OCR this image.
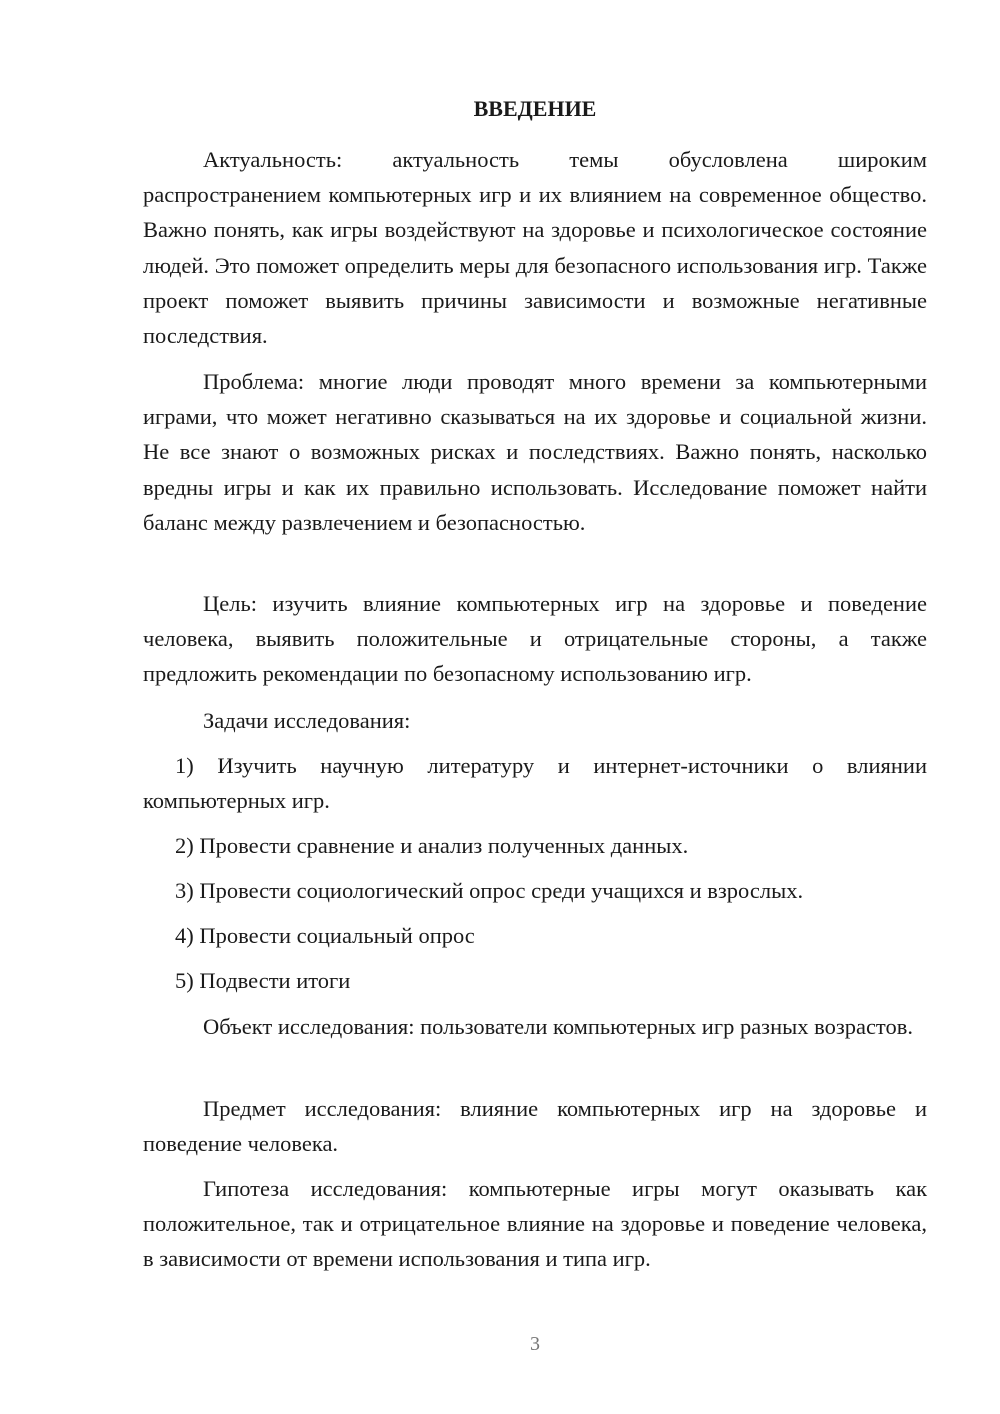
ВВЕДЕНИЕ

Актуальность: актуальность темы обусловлена широким распространением компьютерных игр и их влиянием на современное общество. Важно понять, как игры воздействуют на здоровье и психологическое состояние людей. Это поможет определить меры для безопасного использования игр. Также проект поможет выявить причины зависимости и возможные негативные последствия.

Проблема: многие люди проводят много времени за компьютерными играми, что может негативно сказываться на их здоровье и социальной жизни. Не все знают о возможных рисках и последствиях. Важно понять, насколько вредны игры и как их правильно использовать. Исследование поможет найти баланс между развлечением и безопасностью.

Цель: изучить влияние компьютерных игр на здоровье и поведение человека, выявить положительные и отрицательные стороны, а также предложить рекомендации по безопасному использованию игр.

Задачи исследования:

1) Изучить научную литературу и интернет-источники о влиянии компьютерных игр.

2) Провести сравнение и анализ полученных данных.

3) Провести социологический опрос среди учащихся и взрослых.

4) Провести социальный опрос

5) Подвести итоги

Объект исследования: пользователи компьютерных игр разных возрастов.

Предмет исследования: влияние компьютерных игр на здоровье и поведение человека.

Гипотеза исследования: компьютерные игры могут оказывать как положительное, так и отрицательное влияние на здоровье и поведение человека, в зависимости от времени использования и типа игр.

3
